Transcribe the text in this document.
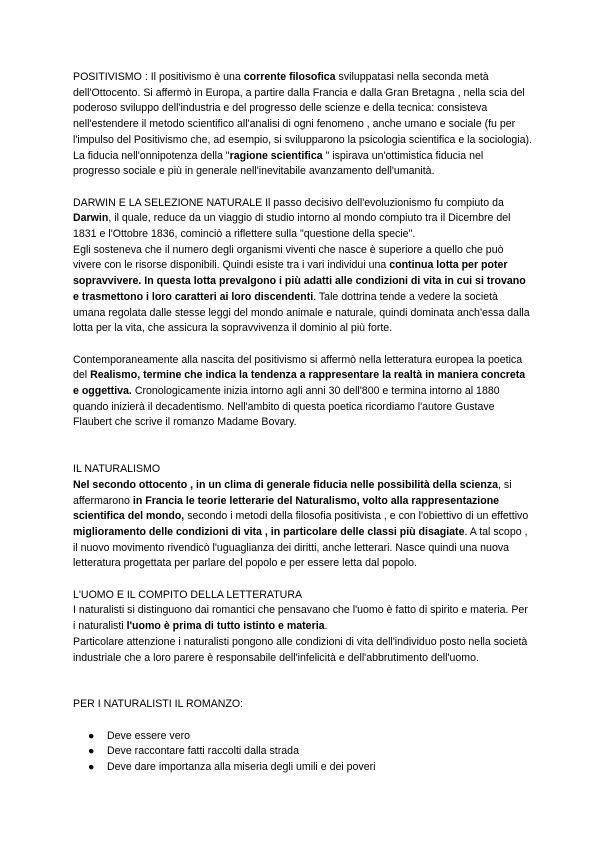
POSITIVISMO : Il positivismo è una corrente filosofica sviluppatasi nella seconda metà dell'Ottocento. Si affermò in Europa, a partire dalla Francia e dalla Gran Bretagna , nella scia del poderoso sviluppo dell'industria e del progresso delle scienze e della tecnica: consisteva nell'estendere il metodo scientifico all'analisi di ogni fenomeno , anche umano e sociale (fu per l'impulso del Positivismo che, ad esempio, si svilupparono la psicologia scientifica e la sociologia).

La fiducia nell'onnipotenza della "ragione scientifica " ispirava un'ottimistica fiducia nel progresso sociale e più in generale nell'inevitabile avanzamento dell'umanità.

DARWIN E LA SELEZIONE NATURALE Il passo decisivo dell'evoluzionismo fu compiuto da Darwin, il quale, reduce da un viaggio di studio intorno al mondo compiuto tra il Dicembre del 1831 e l'Ottobre 1836, cominciò a riflettere sulla "questione della specie".

Egli sosteneva che il numero degli organismi viventi che nasce è superiore a quello che può vivere con le risorse disponibili. Quindi esiste tra i vari individui una continua lotta per poter sopravvivere. In questa lotta prevalgono i più adatti alle condizioni di vita in cui si trovano e trasmettono i loro caratteri ai loro discendenti. Tale dottrina tende a vedere la società umana regolata dalle stesse leggi del mondo animale e naturale, quindi dominata anch'essa dalla lotta per la vita, che assicura la sopravvivenza il dominio al più forte.

Contemporaneamente alla nascita del positivismo si affermò nella letteratura europea la poetica del Realismo, termine che indica la tendenza a rappresentare la realtà in maniera concreta e oggettiva. Cronologicamente inizia intorno agli anni 30 dell'800 e termina intorno al 1880 quando inizierà il decadentismo. Nell'ambito di questa poetica ricordiamo l'autore Gustave Flaubert che scrive il romanzo Madame Bovary.

IL NATURALISMO

Nel secondo ottocento , in un clima di generale fiducia nelle possibilità della scienza, si affermarono in Francia le teorie letterarie del Naturalismo, volto alla rappresentazione scientifica del mondo, secondo i metodi della filosofia positivista , e con l'obiettivo di un effettivo miglioramento delle condizioni di vita , in particolare delle classi più disagiate. A tal scopo , il nuovo movimento rivendicò l'uguaglianza dei diritti, anche letterari. Nasce quindi una nuova letteratura progettata per parlare del popolo e per essere letta dal popolo.

L'UOMO E IL COMPITO DELLA LETTERATURA

I naturalisti si distinguono dai romantici che pensavano che l'uomo è fatto di spirito e materia. Per i naturalisti l'uomo è prima di tutto istinto e materia.

Particolare attenzione i naturalisti pongono alle condizioni di vita dell'individuo posto nella società industriale che a loro parere è responsabile dell'infelicità e dell'abbrutimento dell'uomo.

PER I NATURALISTI IL ROMANZO:

● Deve essere vero
● Deve raccontare fatti raccolti dalla strada
● Deve dare importanza alla miseria degli umili e dei poveri
